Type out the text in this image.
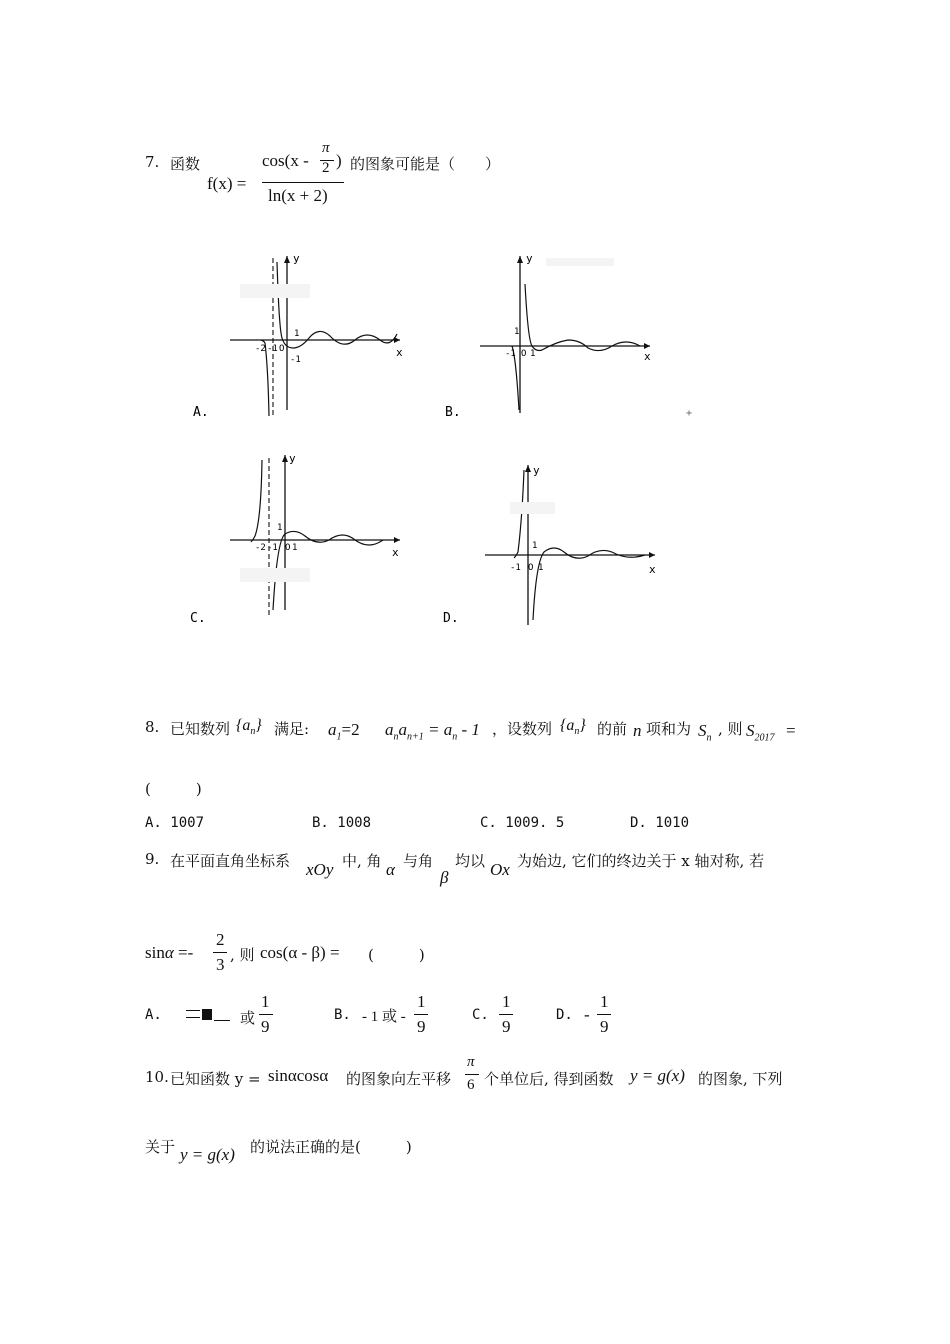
7. 函数
f(x) =
cos(x -
π
2 )
ln(x + 2)
的图象可能是（　　）
y
x
-2 -1 O
1
-1
A.
y
x
-1 O 1
1
B.	+
y
x
-2 -1 O 1
1
C.
y
x
-1 O 1
1
D.
8. 已知数列 $\{a_n\}$ 满足: $a_1=2$ $a_na_{n+1} = a_n - 1$ ，设数列 $\{a_n\}$ 的前 n 项和为 $S_n$ , 则 $S_{2017}$ =
(　　　)
A. 1007	B. 1008	C. 1009. 5	D. 1010
9. 在平面直角坐标系 xOy 中, 角 α 与角
β
均以 Ox 为始边, 它们的终边关于 x 轴对称, 若
sinα =-
2
3 , 则 cos(α - β) = (　　　)
A.	或
1
9
B. - 1 或 -
1
9
C.
1
9
D. -
1
9
10. 已知函数 y = sinαcosα 的图象向左平移
π
6 个单位后, 得到函数 y = g(x) 的图象, 下列
关于 y = g(x) 的说法正确的是(　　　)
